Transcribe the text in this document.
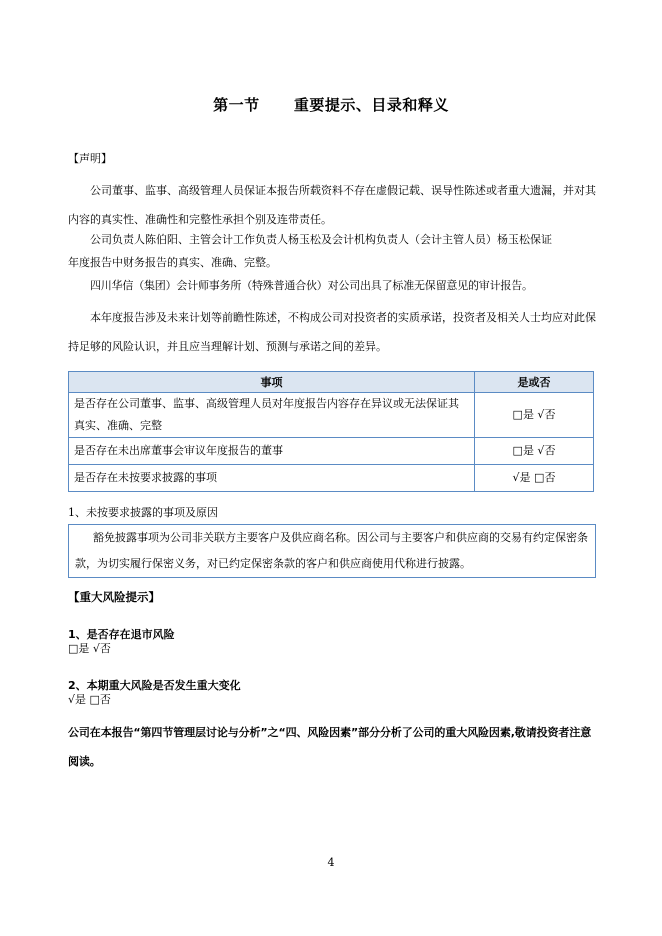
第一节      重要提示、目录和释义
【声明】
公司董事、监事、高级管理人员保证本报告所载资料不存在虚假记载、误导性陈述或者重大遗漏，并对其内容的真实性、准确性和完整性承担个别及连带责任。
公司负责人陈伯阳、主管会计工作负责人杨玉松及会计机构负责人（会计主管人员）杨玉松保证
年度报告中财务报告的真实、准确、完整。
四川华信（集团）会计师事务所（特殊普通合伙）对公司出具了标准无保留意见的审计报告。
本年度报告涉及未来计划等前瞻性陈述，不构成公司对投资者的实质承诺，投资者及相关人士均应对此保持足够的风险认识，并且应当理解计划、预测与承诺之间的差异。
事项	是或否
是否存在公司董事、监事、高级管理人员对年度报告内容存在异议或无法保证其真实、准确、完整	□是 √否
是否存在未出席董事会审议年度报告的董事	□是 √否
是否存在未按要求披露的事项	√是 □否
1、未按要求披露的事项及原因
豁免披露事项为公司非关联方主要客户及供应商名称。因公司与主要客户和供应商的交易有约定保密条款，为切实履行保密义务，对已约定保密条款的客户和供应商使用代称进行披露。
【重大风险提示】
1、是否存在退市风险
□是 √否
2、本期重大风险是否发生重大变化
√是 □否
公司在本报告“第四节管理层讨论与分析”之“四、风险因素”部分分析了公司的重大风险因素,敬请投资者注意阅读。
4
